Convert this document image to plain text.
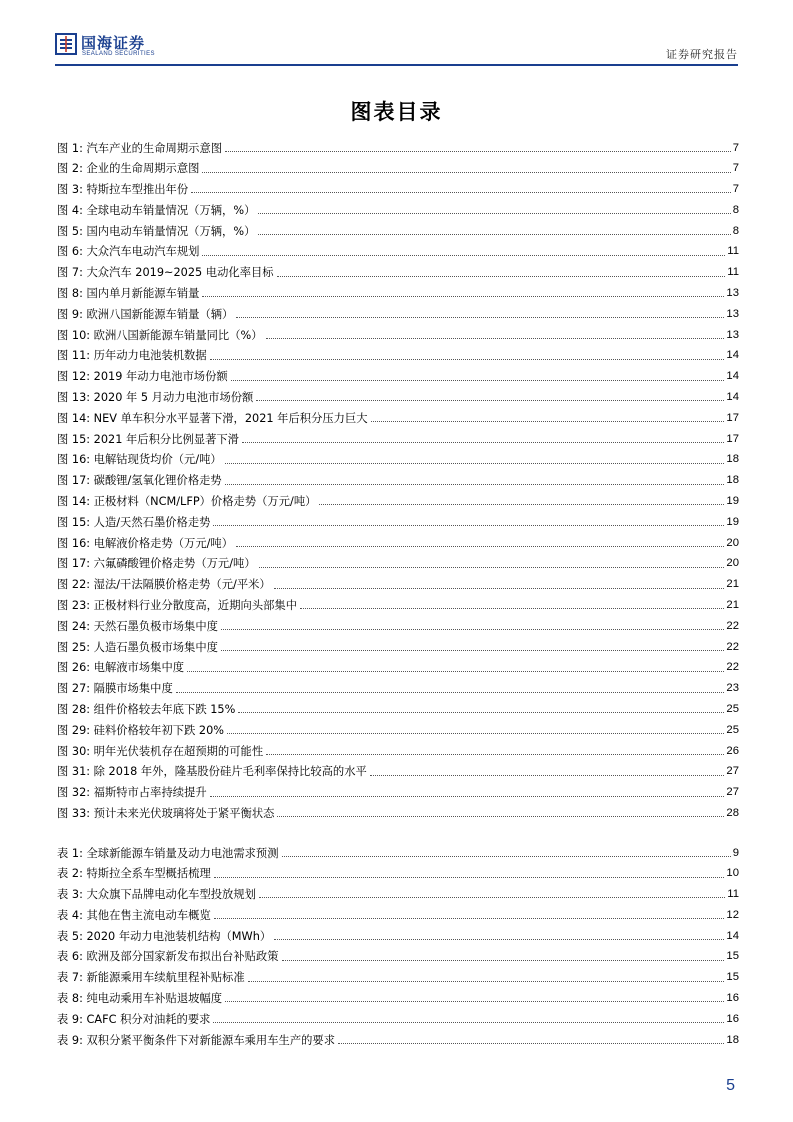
国海证券
SEALAND SECURITIES	证券研究报告
图表目录
图 1: 汽车产业的生命周期示意图	7
图 2: 企业的生命周期示意图	7
图 3: 特斯拉车型推出年份	7
图 4: 全球电动车销量情况（万辆，%）	8
图 5: 国内电动车销量情况（万辆，%）	8
图 6: 大众汽车电动汽车规划	11
图 7: 大众汽车 2019~2025 电动化率目标	11
图 8: 国内单月新能源车销量	13
图 9: 欧洲八国新能源车销量（辆）	13
图 10: 欧洲八国新能源车销量同比（%）	13
图 11: 历年动力电池装机数据	14
图 12: 2019 年动力电池市场份额	14
图 13: 2020 年 5 月动力电池市场份额	14
图 14: NEV 单车积分水平显著下滑，2021 年后积分压力巨大	17
图 15: 2021 年后积分比例显著下滑	17
图 16: 电解钴现货均价（元/吨）	18
图 17: 碳酸锂/氢氧化锂价格走势	18
图 14: 正极材料（NCM/LFP）价格走势（万元/吨）	19
图 15: 人造/天然石墨价格走势	19
图 16: 电解液价格走势（万元/吨）	20
图 17: 六氟磷酸锂价格走势（万元/吨）	20
图 22: 湿法/干法隔膜价格走势（元/平米）	21
图 23: 正极材料行业分散度高，近期向头部集中	21
图 24: 天然石墨负极市场集中度	22
图 25: 人造石墨负极市场集中度	22
图 26: 电解液市场集中度	22
图 27: 隔膜市场集中度	23
图 28: 组件价格较去年底下跌 15%	25
图 29: 硅料价格较年初下跌 20%	25
图 30: 明年光伏装机存在超预期的可能性	26
图 31: 除 2018 年外，隆基股份硅片毛利率保持比较高的水平	27
图 32: 福斯特市占率持续提升	27
图 33: 预计未来光伏玻璃将处于紧平衡状态	28
表 1: 全球新能源车销量及动力电池需求预测	9
表 2: 特斯拉全系车型概括梳理	10
表 3: 大众旗下品牌电动化车型投放规划	11
表 4: 其他在售主流电动车概览	12
表 5: 2020 年动力电池装机结构（MWh）	14
表 6: 欧洲及部分国家新发布拟出台补贴政策	15
表 7: 新能源乘用车续航里程补贴标准	15
表 8: 纯电动乘用车补贴退坡幅度	16
表 9: CAFC 积分对油耗的要求	16
表 9: 双积分紧平衡条件下对新能源车乘用车生产的要求	18
5
